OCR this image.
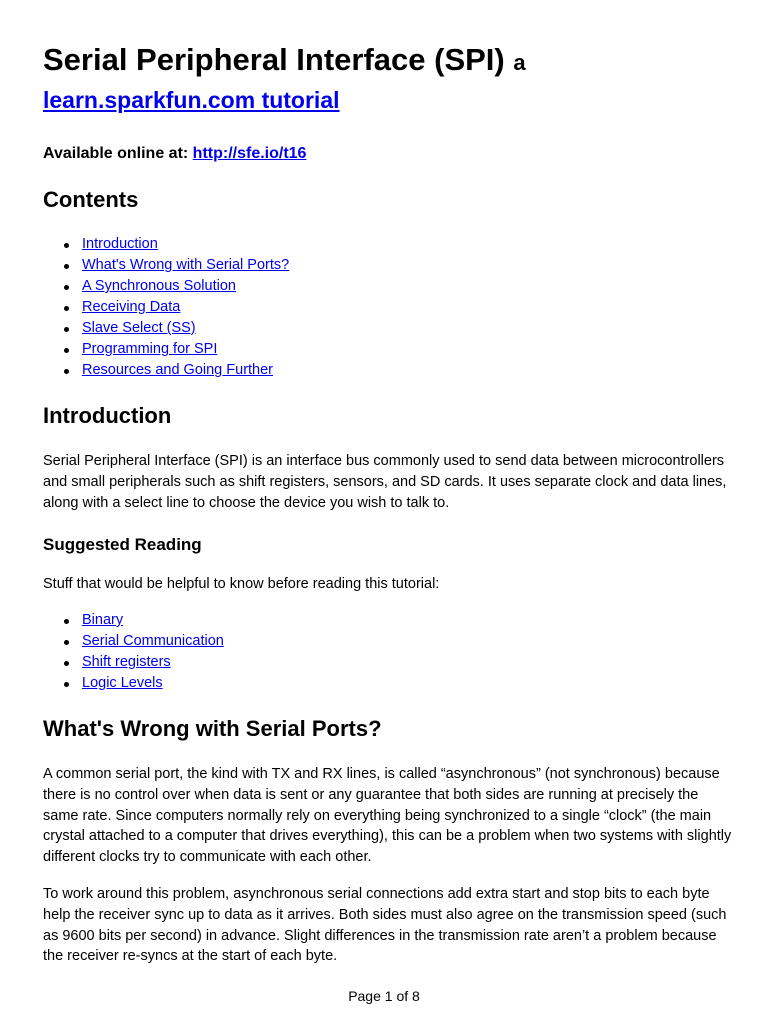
Serial Peripheral Interface (SPI) a
learn.sparkfun.com tutorial
Available online at: http://sfe.io/t16
Contents
Introduction
What's Wrong with Serial Ports?
A Synchronous Solution
Receiving Data
Slave Select (SS)
Programming for SPI
Resources and Going Further
Introduction

Serial Peripheral Interface (SPI) is an interface bus commonly used to send data between microcontrollers and small peripherals such as shift registers, sensors, and SD cards. It uses separate clock and data lines, along with a select line to choose the device you wish to talk to.

Suggested Reading

Stuff that would be helpful to know before reading this tutorial:

Binary
Serial Communication
Shift registers
Logic Levels
What's Wrong with Serial Ports?

A common serial port, the kind with TX and RX lines, is called “asynchronous” (not synchronous) because there is no control over when data is sent or any guarantee that both sides are running at precisely the same rate. Since computers normally rely on everything being synchronized to a single “clock” (the main crystal attached to a computer that drives everything), this can be a problem when two systems with slightly different clocks try to communicate with each other.

To work around this problem, asynchronous serial connections add extra start and stop bits to each byte help the receiver sync up to data as it arrives. Both sides must also agree on the transmission speed (such as 9600 bits per second) in advance. Slight differences in the transmission rate aren’t a problem because the receiver re-syncs at the start of each byte.

Page 1 of 8
